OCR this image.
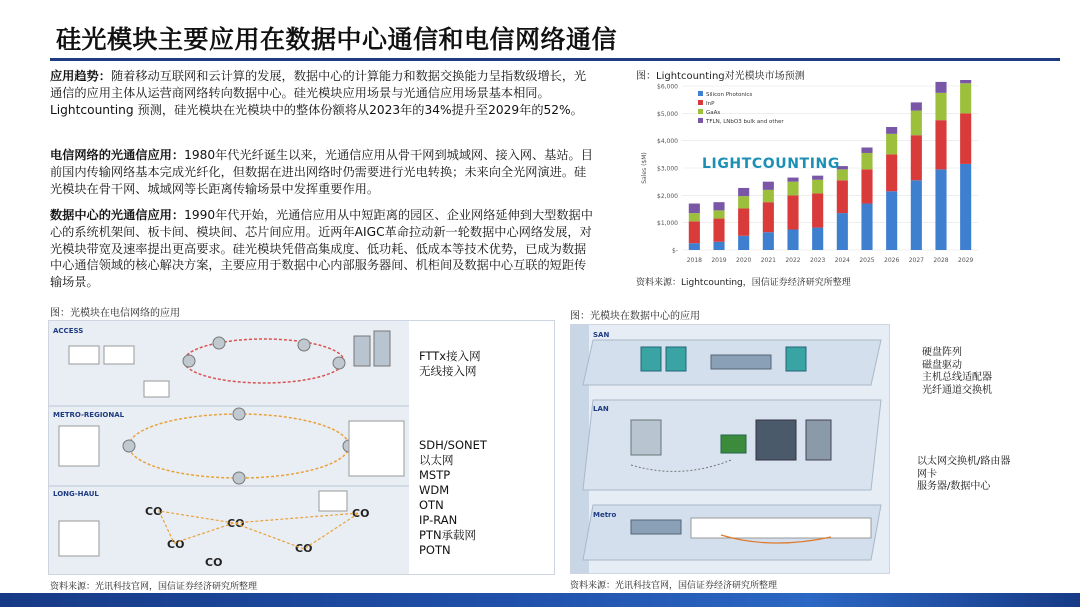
硅光模块主要应用在数据中心通信和电信网络通信
应用趋势：随着移动互联网和云计算的发展，数据中心的计算能力和数据交换能力呈指数级增长，光通信的应用主体从运营商网络转向数据中心。硅光模块应用场景与光通信应用场景基本相同。Lightcounting 预测，硅光模块在光模块中的整体份额将从2023年的34%提升至2029年的52%。
电信网络的光通信应用：1980年代光纤诞生以来，光通信应用从骨干网到城域网、接入网、基站。目前国内传输网络基本完成光纤化，但数据在进出网络时仍需要进行光电转换；未来向全光网演进。硅光模块在骨干网、城域网等长距离传输场景中发挥重要作用。
数据中心的光通信应用：1990年代开始，光通信应用从中短距离的园区、企业网络延伸到大型数据中心的系统机架间、板卡间、模块间、芯片间应用。近两年AIGC革命拉动新一轮数据中心网络发展，对光模块带宽及速率提出更高要求。硅光模块凭借高集成度、低功耗、低成本等技术优势，已成为数据中心通信领域的核心解决方案，主要应用于数据中心内部服务器间、机柜间及数据中心互联的短距传输场景。
图：Lightcounting对光模块市场预测
$-
$1,000
$2,000
$3,000
$4,000
$5,000
$6,000
Sales ($M)
2018 2019 2020 2021 2022 2023 2024 2025 2026 2027 2028 2029
Silicon Photonics
InP
GaAs
TFLN, LNbO3 bulk and other
LIGHTCOUNTING
资料来源：Lightcounting，国信证券经济研究所整理
图：光模块在电信网络的应用
ACCESS
METRO-REGIONAL
LONG-HAUL
CO
CO
CO
CO
CO
CO
FTTx接入网
无线接入网
SDH/SONET
以太网
MSTP
WDM
OTN
IP-RAN
PTN承载网
POTN
资料来源：光讯科技官网，国信证券经济研究所整理
图：光模块在数据中心的应用
SAN
LAN
Metro
硬盘阵列
磁盘驱动
主机总线适配器
光纤通道交换机
以太网交换机/路由器
网卡
服务器/数据中心
资料来源：光讯科技官网，国信证券经济研究所整理
